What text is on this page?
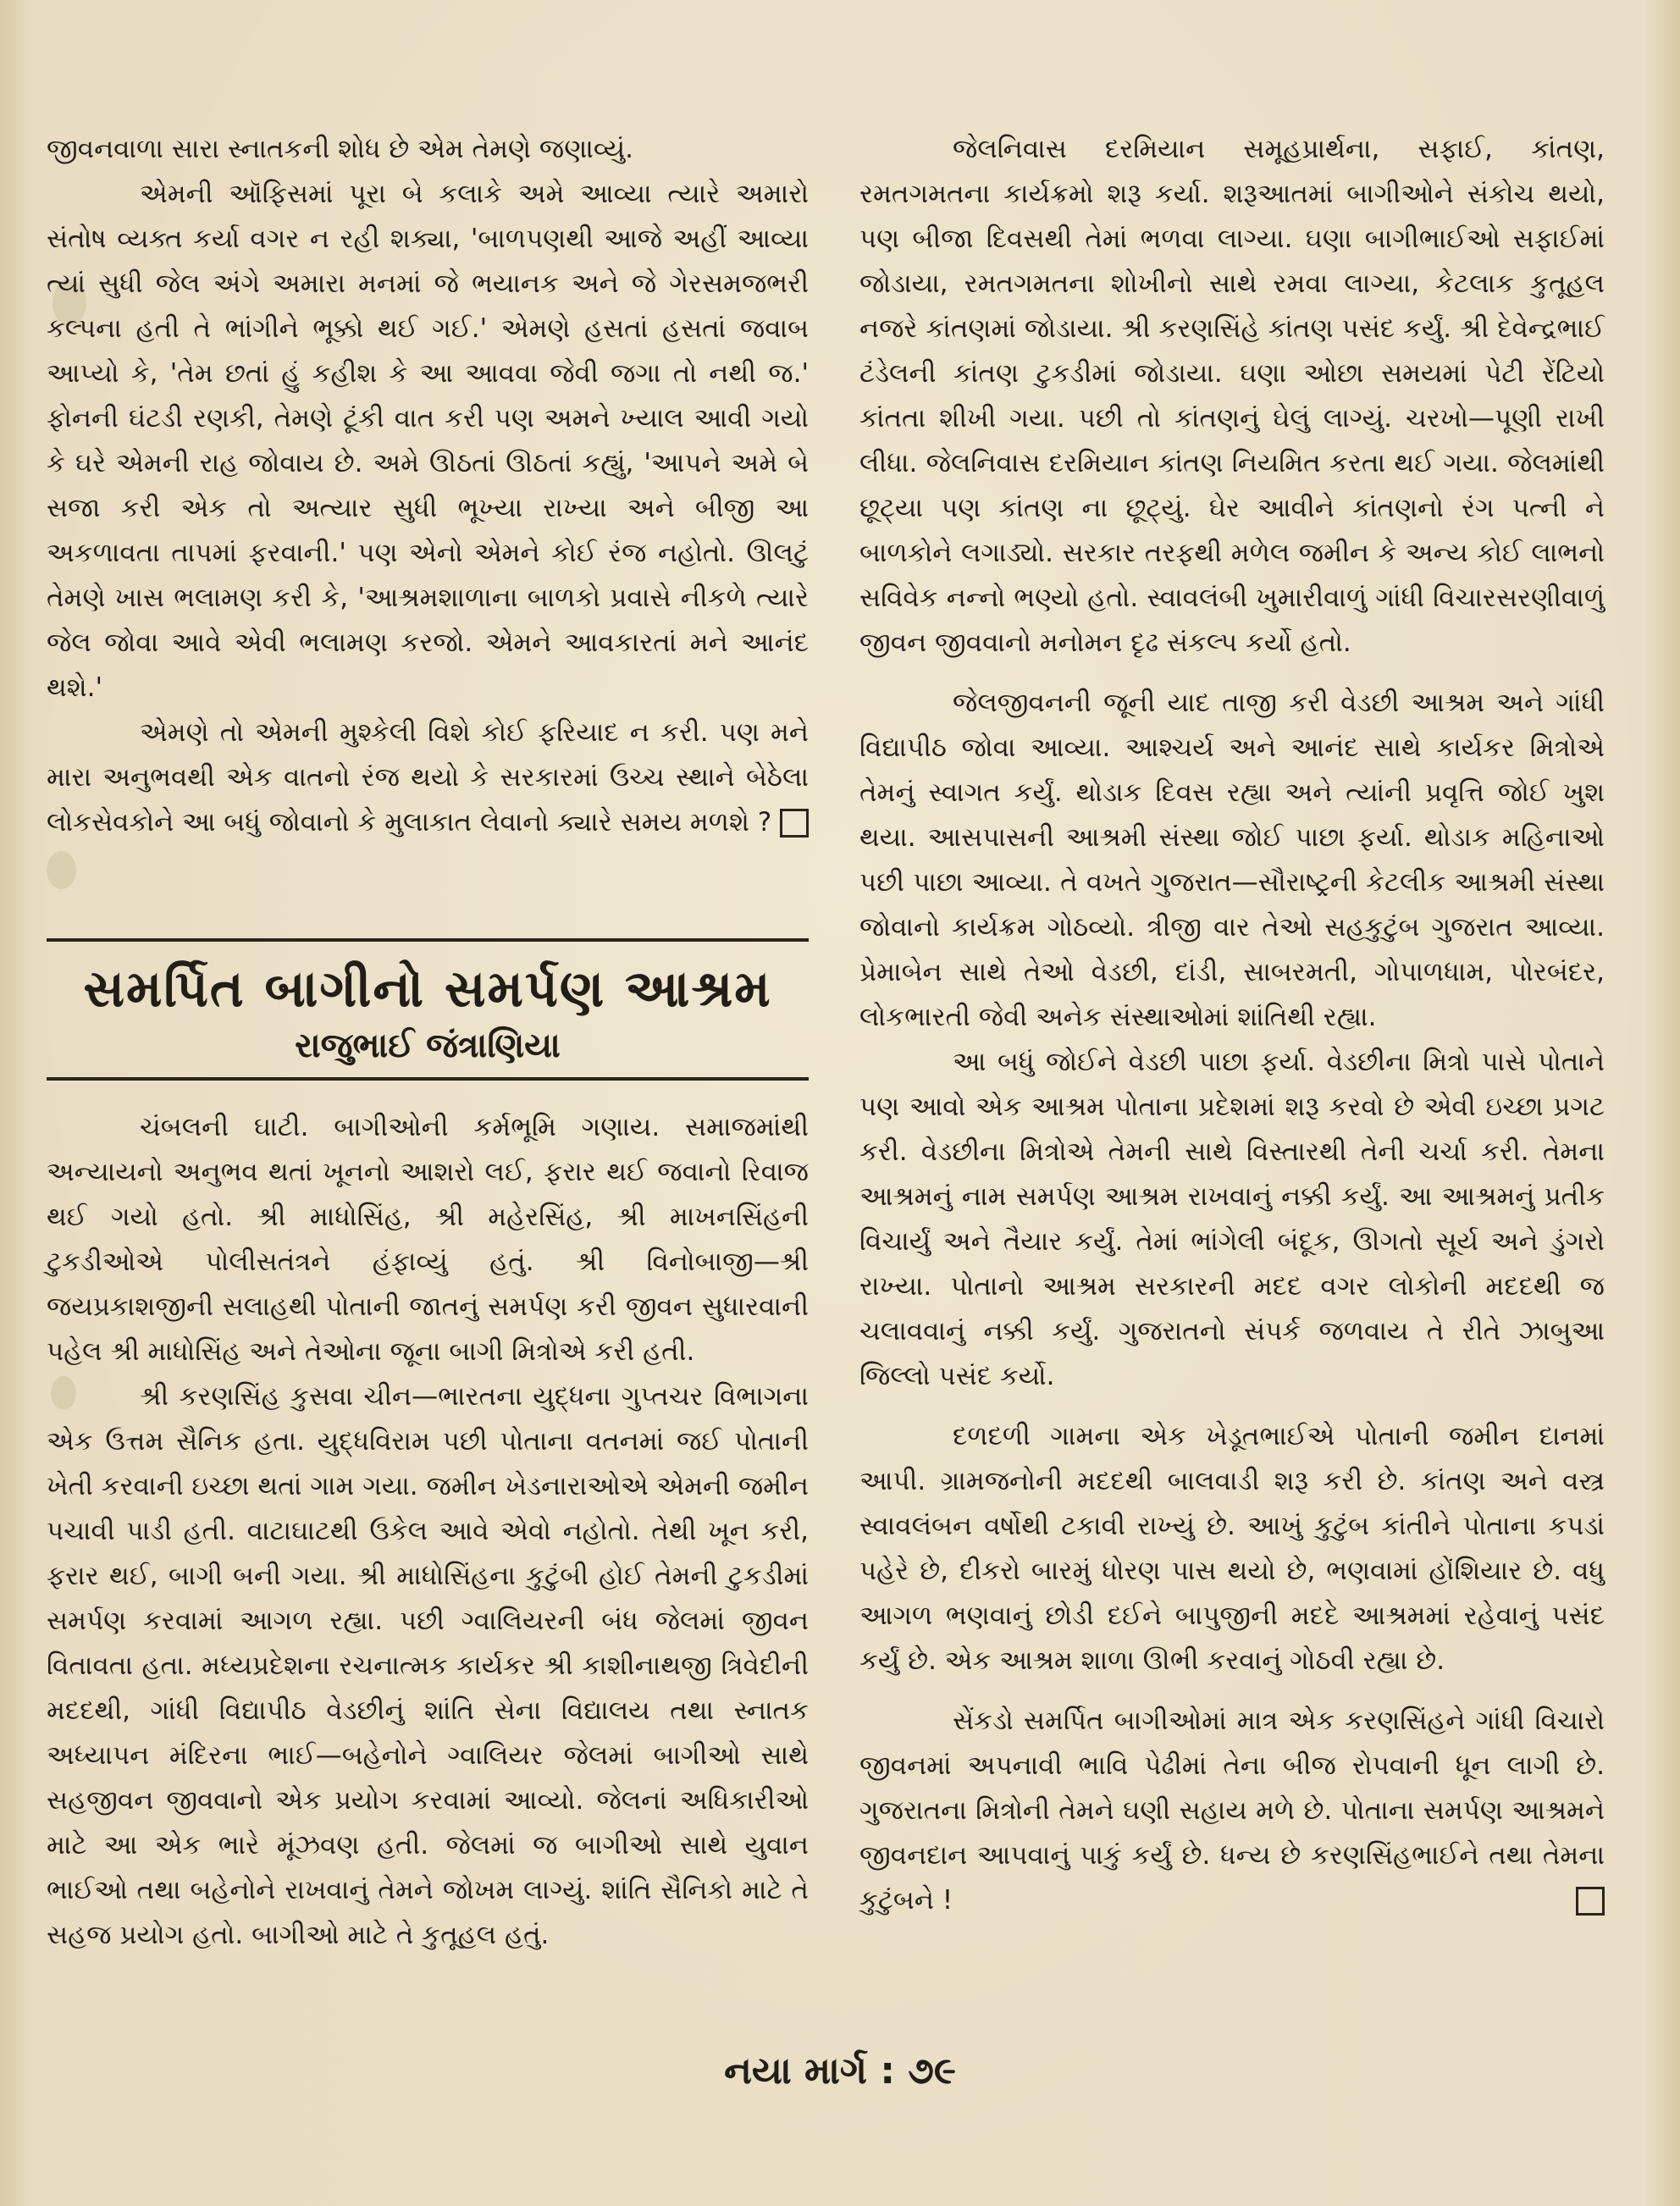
જીવનવાળા સારા સ્નાતકની શોધ છે એમ તેમણે જણાવ્યું.

એમની ઑફિસમાં પૂરા બે કલાકે અમે આવ્યા ત્યારે અમારો સંતોષ વ્યક્ત કર્યા વગર ન રહી શક્યા, 'બાળપણથી આજે અહીં આવ્યા ત્યાં સુધી જેલ અંગે અમારા મનમાં જે ભયાનક અને જે ગેરસમજભરી કલ્પના હતી તે ભાંગીને ભૂક્કો થઈ ગઈ.' એમણે હસતાં હસતાં જવાબ આપ્યો કે, 'તેમ છતાં હું કહીશ કે આ આવવા જેવી જગા તો નથી જ.' ફોનની ઘંટડી રણકી, તેમણે ટૂંકી વાત કરી પણ અમને ખ્યાલ આવી ગયો કે ઘરે એમની રાહ જોવાય છે. અમે ઊઠતાં ઊઠતાં કહ્યું, 'આપને અમે બે સજા કરી એક તો અત્યાર સુધી ભૂખ્યા રાખ્યા અને બીજી આ અકળાવતા તાપમાં ફરવાની.' પણ એનો એમને કોઈ રંજ નહોતો. ઊલટું તેમણે ખાસ ભલામણ કરી કે, 'આશ્રમશાળાના બાળકો પ્રવાસે નીકળે ત્યારે જેલ જોવા આવે એવી ભલામણ કરજો. એમને આવકારતાં મને આનંદ થશે.'

એમણે તો એમની મુશ્કેલી વિશે કોઈ ફરિયાદ ન કરી. પણ મને મારા અનુભવથી એક વાતનો રંજ થયો કે સરકારમાં ઉચ્ચ સ્થાને બેઠેલા લોકસેવકોને આ બધું જોવાનો કે મુલાકાત લેવાનો ક્યારે સમય મળશે ?

સમર્પિત બાગીનો સમર્પણ આશ્રમ
રાજુભાઈ જંત્રાણિયા

ચંબલની ઘાટી. બાગીઓની કર્મભૂમિ ગણાય. સમાજમાંથી અન્યાયનો અનુભવ થતાં ખૂનનો આશરો લઈ, ફરાર થઈ જવાનો રિવાજ થઈ ગયો હતો. શ્રી માધોસિંહ, શ્રી મહેરસિંહ, શ્રી માખનસિંહની ટુકડીઓએ પોલીસતંત્રને હંફાવ્યું હતું. શ્રી વિનોબાજી—શ્રી જયપ્રકાશજીની સલાહથી પોતાની જાતનું સમર્પણ કરી જીવન સુધારવાની પહેલ શ્રી માધોસિંહ અને તેઓના જૂના બાગી મિત્રોએ કરી હતી.

શ્રી કરણસિંહ કુસવા ચીન—ભારતના યુદ્ધના ગુપ્તચર વિભાગના એક ઉત્તમ સૈનિક હતા. યુદ્ધવિરામ પછી પોતાના વતનમાં જઈ પોતાની ખેતી કરવાની ઇચ્છા થતાં ગામ ગયા. જમીન ખેડનારાઓએ એમની જમીન પચાવી પાડી હતી. વાટાઘાટથી ઉકેલ આવે એવો નહોતો. તેથી ખૂન કરી, ફરાર થઈ, બાગી બની ગયા. શ્રી માધોસિંહના કુટુંબી હોઈ તેમની ટુકડીમાં સમર્પણ કરવામાં આગળ રહ્યા. પછી ગ્વાલિયરની બંધ જેલમાં જીવન વિતાવતા હતા. મધ્યપ્રદેશના રચનાત્મક કાર્યકર શ્રી કાશીનાથજી ત્રિવેદીની મદદથી, ગાંધી વિદ્યાપીઠ વેડછીનું શાંતિ સેના વિદ્યાલય તથા સ્નાતક અધ્યાપન મંદિરના ભાઈ—બહેનોને ગ્વાલિયર જેલમાં બાગીઓ સાથે સહજીવન જીવવાનો એક પ્રયોગ કરવામાં આવ્યો. જેલનાં અધિકારીઓ માટે આ એક ભારે મૂંઝવણ હતી. જેલમાં જ બાગીઓ સાથે યુવાન ભાઈઓ તથા બહેનોને રાખવાનું તેમને જોખમ લાગ્યું. શાંતિ સૈનિકો માટે તે સહજ પ્રયોગ હતો. બાગીઓ માટે તે કુતૂહલ હતું.

જેલનિવાસ દરમિયાન સમૂહપ્રાર્થના, સફાઈ, કાંતણ, રમતગમતના કાર્યક્રમો શરૂ કર્યા. શરૂઆતમાં બાગીઓને સંકોચ થયો, પણ બીજા દિવસથી તેમાં ભળવા લાગ્યા. ઘણા બાગીભાઈઓ સફાઈમાં જોડાયા, રમતગમતના શોખીનો સાથે રમવા લાગ્યા, કેટલાક કુતૂહલ નજરે કાંતણમાં જોડાયા. શ્રી કરણસિંહે કાંતણ પસંદ કર્યું. શ્રી દેવેન્દ્રભાઈ ટંડેલની કાંતણ ટુકડીમાં જોડાયા. ઘણા ઓછા સમયમાં પેટી રેંટિયો કાંતતા શીખી ગયા. પછી તો કાંતણનું ઘેલું લાગ્યું. ચરખો—પૂણી રાખી લીધા. જેલનિવાસ દરમિયાન કાંતણ નિયમિત કરતા થઈ ગયા. જેલમાંથી છૂટ્યા પણ કાંતણ ના છૂટ્યું. ઘેર આવીને કાંતણનો રંગ પત્ની ને બાળકોને લગાડ્યો. સરકાર તરફથી મળેલ જમીન કે અન્ય કોઈ લાભનો સવિવેક નન્નો ભણ્યો હતો. સ્વાવલંબી ખુમારીવાળું ગાંધી વિચારસરણીવાળું જીવન જીવવાનો મનોમન દૃઢ સંકલ્પ કર્યો હતો.

જેલજીવનની જૂની યાદ તાજી કરી વેડછી આશ્રમ અને ગાંધી વિદ્યાપીઠ જોવા આવ્યા. આશ્ચર્ય અને આનંદ સાથે કાર્યકર મિત્રોએ તેમનું સ્વાગત કર્યું. થોડાક દિવસ રહ્યા અને ત્યાંની પ્રવૃત્તિ જોઈ ખુશ થયા. આસપાસની આશ્રમી સંસ્થા જોઈ પાછા ફર્યા. થોડાક મહિનાઓ પછી પાછા આવ્યા. તે વખતે ગુજરાત—સૌરાષ્ટ્રની કેટલીક આશ્રમી સંસ્થા જોવાનો કાર્યક્રમ ગોઠવ્યો. ત્રીજી વાર તેઓ સહકુટુંબ ગુજરાત આવ્યા. પ્રેમાબેન સાથે તેઓ વેડછી, દાંડી, સાબરમતી, ગોપાળધામ, પોરબંદર, લોકભારતી જેવી અનેક સંસ્થાઓમાં શાંતિથી રહ્યા.

આ બધું જોઈને વેડછી પાછા ફર્યા. વેડછીના મિત્રો પાસે પોતાને પણ આવો એક આશ્રમ પોતાના પ્રદેશમાં શરૂ કરવો છે એવી ઇચ્છા પ્રગટ કરી. વેડછીના મિત્રોએ તેમની સાથે વિસ્તારથી તેની ચર્ચા કરી. તેમના આશ્રમનું નામ સમર્પણ આશ્રમ રાખવાનું નક્કી કર્યું. આ આશ્રમનું પ્રતીક વિચાર્યું અને તૈયાર કર્યું. તેમાં ભાંગેલી બંદૂક, ઊગતો સૂર્ય અને ડુંગરો રાખ્યા. પોતાનો આશ્રમ સરકારની મદદ વગર લોકોની મદદથી જ ચલાવવાનું નક્કી કર્યું. ગુજરાતનો સંપર્ક જળવાય તે રીતે ઝાબુઆ જિલ્લો પસંદ કર્યો.

દળદળી ગામના એક ખેડૂતભાઈએ પોતાની જમીન દાનમાં આપી. ગ્રામજનોની મદદથી બાલવાડી શરૂ કરી છે. કાંતણ અને વસ્ત્ર સ્વાવલંબન વર્ષોથી ટકાવી રાખ્યું છે. આખું કુટુંબ કાંતીને પોતાના કપડાં પહેરે છે, દીકરો બારમું ધોરણ પાસ થયો છે, ભણવામાં હોંશિયાર છે. વધુ આગળ ભણવાનું છોડી દઈને બાપુજીની મદદે આશ્રમમાં રહેવાનું પસંદ કર્યું છે. એક આશ્રમ શાળા ઊભી કરવાનું ગોઠવી રહ્યા છે.

સેંકડો સમર્પિત બાગીઓમાં માત્ર એક કરણસિંહને ગાંધી વિચારો જીવનમાં અપનાવી ભાવિ પેઢીમાં તેના બીજ રોપવાની ધૂન લાગી છે. ગુજરાતના મિત્રોની તેમને ઘણી સહાય મળે છે. પોતાના સમર્પણ આશ્રમને જીવનદાન આપવાનું પાકું કર્યું છે. ધન્ય છે કરણસિંહભાઈને તથા તેમના કુટુંબને !

નયા માર્ગ : ૭૯
